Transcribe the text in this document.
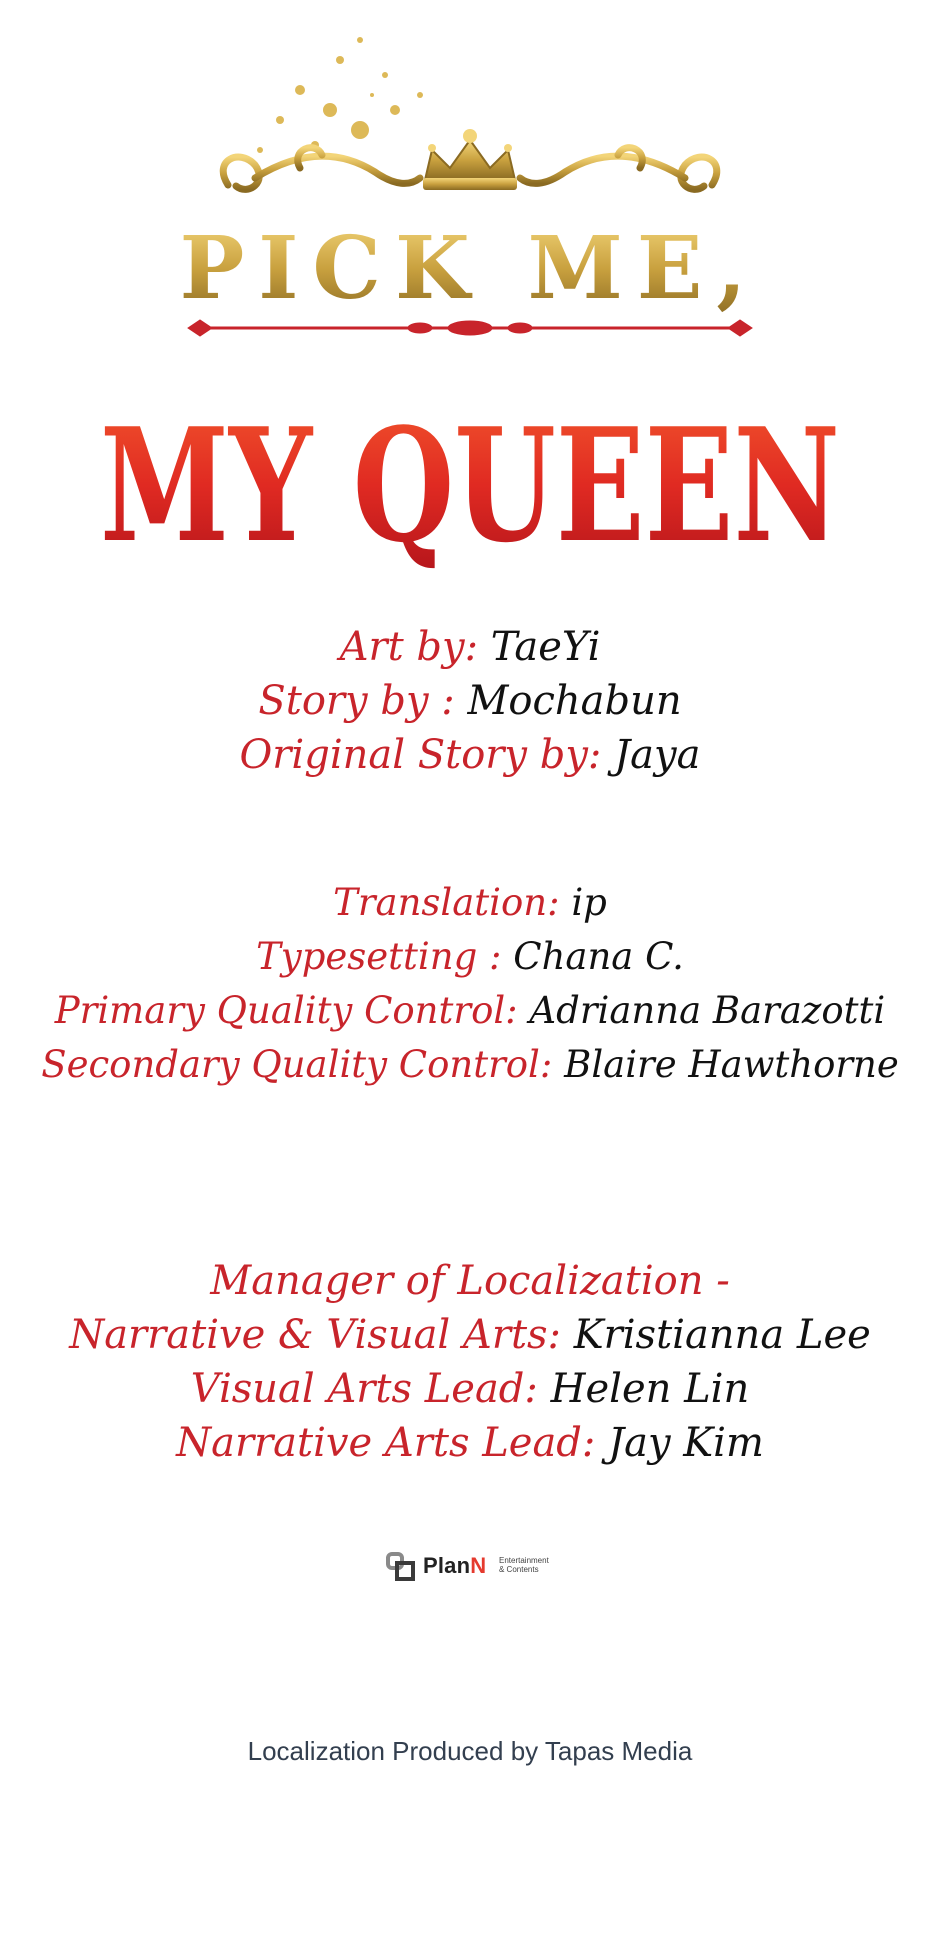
PICK ME,
MY QUEEN
Art by: TaeYi
Story by : Mochabun
Original Story by: Jaya
Translation: ip
Typesetting : Chana C.
Primary Quality Control: Adrianna Barazotti
Secondary Quality Control: Blaire Hawthorne
Manager of Localization -
Narrative & Visual Arts: Kristianna Lee
Visual Arts Lead: Helen Lin
Narrative Arts Lead: Jay Kim
PlanN Entertainment
& Contents
Localization Produced by Tapas Media
